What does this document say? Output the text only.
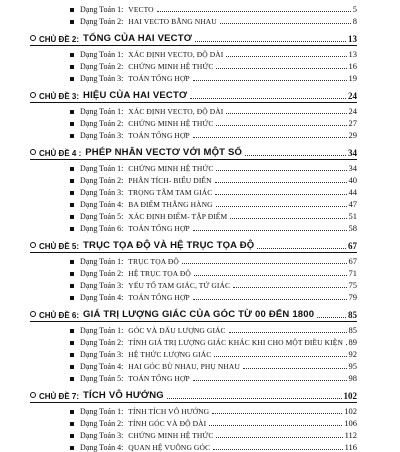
Dạng Toán 1: VECTO	5
Dạng Toán 2: HAI VECTO BẰNG NHAU	8
CHỦ ĐỀ 2: TỔNG CỦA HAI VECTƠ	13
Dạng Toán 1: XÁC ĐỊNH VECTO, ĐỘ DÀI	13
Dạng Toán 2: CHỨNG MINH HỆ THỨC	16
Dạng Toán 3: TOÁN TỔNG HỢP	19
CHỦ ĐỀ 3: HIỆU CỦA HAI VECTƠ	24
Dạng Toán 1: XÁC ĐỊNH VECTO, ĐỘ DÀI	24
Dạng Toán 2: CHỨNG MINH HỆ THỨC	27
Dạng Toán 3: TOÁN TỔNG HỢP	29
CHỦ ĐỀ 4 : PHÉP NHÂN VECTƠ VỚI MỘT SỐ	34
Dạng Toán 1: CHỨNG MINH HỆ THỨC	34
Dạng Toán 2: PHÂN TÍCH- BIỂU DIỄN	40
Dạng Toán 3: TRỌNG TÂM TAM GIÁC	44
Dạng Toán 4: BA ĐIỂM THẲNG HÀNG	47
Dạng Toán 5: XÁC ĐỊNH ĐIỂM- TẬP ĐIỂM	51
Dạng Toán 6: TOÁN TỔNG HỢP	58
CHỦ ĐỀ 5: TRỤC TỌA ĐỘ VÀ HỆ TRỤC TỌA ĐỘ	67
Dạng Toán 1: TRỤC TỌA ĐỘ	67
Dạng Toán 2: HỆ TRỤC TỌA ĐỘ	71
Dạng Toán 3: YẾU TỐ TAM GIÁC, TỨ GIÁC	75
Dạng Toán 4: TOÁN TỔNG HỢP	79
CHỦ ĐỀ 6: GIÁ TRỊ LƯỢNG GIÁC CỦA GÓC TỪ 00 ĐẾN 1800	85
Dạng Toán 1: GÓC VÀ DẤU LƯỢNG GIÁC	85
Dạng Toán 2: TÍNH GIÁ TRỊ LƯỢNG GIÁC KHÁC KHI CHO MỘT ĐIỀU KIỆN 89
Dạng Toán 3: HỆ THỨC LƯỢNG GIÁC	92
Dạng Toán 4: HAI GÓC BÙ NHAU, PHỤ NHAU	95
Dạng Toán 5: TOÁN TỔNG HỢP	98
CHỦ ĐỀ 7: TÍCH VÔ HƯỚNG	102
Dạng Toán 1: TÍNH TÍCH VÔ HƯỚNG	102
Dạng Toán 2: TÍNH GÓC VÀ ĐỘ DÀI	106
Dạng Toán 3: CHỨNG MINH HỆ THỨC	112
Dạng Toán 4: QUAN HỆ VUÔNG GÓC	116
